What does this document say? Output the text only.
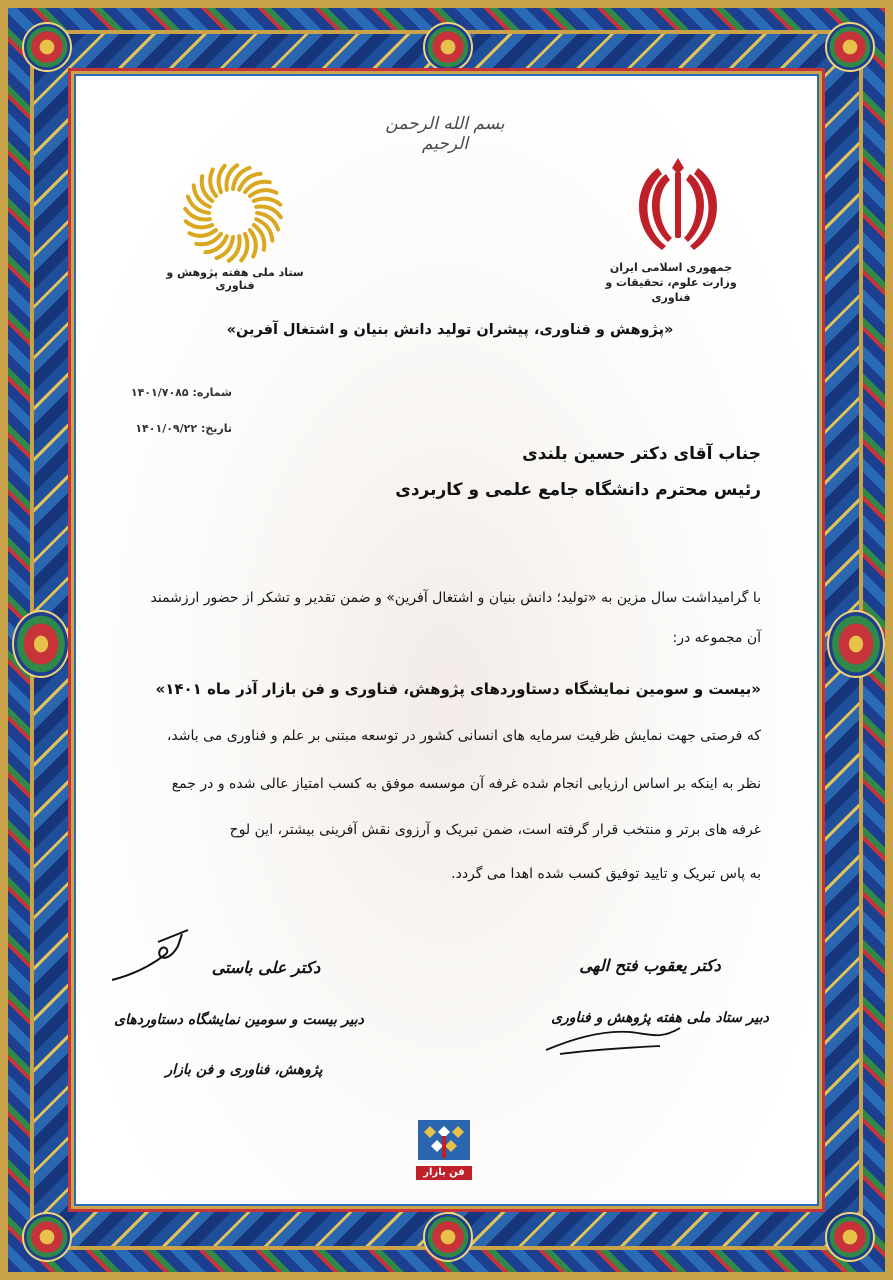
بسم الله الرحمن الرحیم
ستاد ملی هفته پژوهش و فناوری
جمهوری اسلامی ایران
وزارت علوم، تحقیقات و فناوری
«پژوهش و فناوری، پیشران تولید دانش بنیان و اشتغال آفرین»
شماره: ۱۴۰۱/۷۰۸۵
تاریخ: ۱۴۰۱/۰۹/۲۲
جناب آقای دکتر حسین بلندی
رئیس محترم دانشگاه جامع علمی و کاربردی
با گرامیداشت سال مزین به «تولید؛ دانش بنیان و اشتغال آفرین» و ضمن تقدیر و تشکر از حضور ارزشمند
آن مجموعه در:
«بیست و سومین نمایشگاه دستاوردهای پژوهش، فناوری و فن بازار آذر ماه ۱۴۰۱»
که فرصتی جهت نمایش ظرفیت سرمایه های انسانی کشور در توسعه مبتنی بر علم و فناوری می باشد،
نظر به اینکه بر اساس ارزیابی انجام شده غرفه آن موسسه موفق به کسب امتیاز عالی شده و در جمع
غرفه های برتر و منتخب قرار گرفته است، ضمن تبریک و آرزوی نقش آفرینی بیشتر، این لوح
به پاس تبریک و تایید توفیق کسب شده اهدا می گردد.
دکتر علی باستی
دبیر بیست و سومین نمایشگاه دستاوردهای
پژوهش، فناوری و فن بازار
دکتر یعقوب فتح الهی
دبیر ستاد ملی هفته پژوهش و فناوری
فن بازار
